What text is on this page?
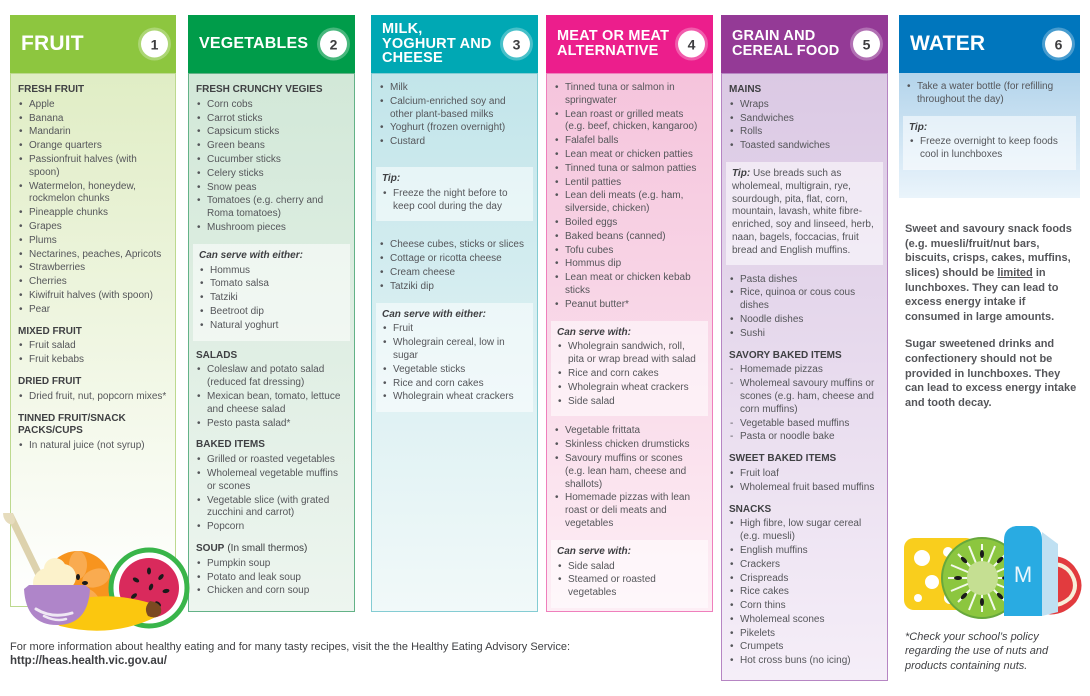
FRUIT	1
FRESH FRUIT
• Apple
• Banana
• Mandarin
• Orange quarters
• Passionfruit halves (with spoon)
• Watermelon, honeydew, rockmelon chunks
• Pineapple chunks
• Grapes
• Plums
• Nectarines, peaches, Apricots
• Strawberries
• Cherries
• Kiwifruit halves (with spoon)
• Pear
MIXED FRUIT
• Fruit salad
• Fruit kebabs
DRIED FRUIT
• Dried fruit, nut, popcorn mixes*
TINNED FRUIT/SNACK PACKS/CUPS
• In natural juice (not syrup)
VEGETABLES	2
FRESH CRUNCHY VEGIES
• Corn cobs
• Carrot sticks
• Capsicum sticks
• Green beans
• Cucumber sticks
• Celery sticks
• Snow peas
• Tomatoes (e.g. cherry and Roma tomatoes)
• Mushroom pieces
Can serve with either:
• Hommus
• Tomato salsa
• Tatziki
• Beetroot dip
• Natural yoghurt
SALADS
• Coleslaw and potato salad (reduced fat dressing)
• Mexican bean, tomato, lettuce and cheese salad
• Pesto pasta salad*
BAKED ITEMS
• Grilled or roasted vegetables
• Wholemeal vegetable muffins or scones
• Vegetable slice (with grated zucchini and carrot)
• Popcorn
SOUP (In small thermos)
• Pumpkin soup
• Potato and leak soup
• Chicken and corn soup
MILK, YOGHURT AND CHEESE
3
• Milk
• Calcium-enriched soy and other plant-based milks
• Yoghurt (frozen overnight)
• Custard
Tip:
• Freeze the night before to keep cool during the day
• Cheese cubes, sticks or slices
• Cottage or ricotta cheese
• Cream cheese
• Tatziki dip
Can serve with either:
• Fruit
• Wholegrain cereal, low in sugar
• Vegetable sticks
• Rice and corn cakes
• Wholegrain wheat crackers
MEAT OR MEAT ALTERNATIVE	4
• Tinned tuna or salmon in springwater
• Lean roast or grilled meats (e.g. beef, chicken, kangaroo)
• Falafel balls
• Lean meat or chicken patties
• Tinned tuna or salmon patties
• Lentil patties
• Lean deli meats (e.g. ham, silverside, chicken)
• Boiled eggs
• Baked beans (canned)
• Tofu cubes
• Hommus dip
• Lean meat or chicken kebab sticks
• Peanut butter*
Can serve with:
• Wholegrain sandwich, roll, pita or wrap bread with salad
• Rice and corn cakes
• Wholegrain wheat crackers
• Side salad
• Vegetable frittata
• Skinless chicken drumsticks
• Savoury muffins or scones (e.g. lean ham, cheese and shallots)
• Homemade pizzas with lean roast or deli meats and vegetables
Can serve with:
• Side salad
• Steamed or roasted vegetables
GRAIN AND CEREAL FOOD	5
MAINS
• Wraps
• Sandwiches
• Rolls
• Toasted sandwiches
Tip: Use breads such as wholemeal, multigrain, rye, sourdough, pita, flat, corn, mountain, lavash, white fibre-enriched, soy and linseed, herb, naan, bagels, foccacias, fruit bread and English muffins.
• Pasta dishes
• Rice, quinoa or cous cous dishes
• Noodle dishes
• Sushi
SAVORY BAKED ITEMS
- Homemade pizzas
- Wholemeal savoury muffins or scones (e.g. ham, cheese and corn muffins)
- Vegetable based muffins
- Pasta or noodle bake
SWEET BAKED ITEMS
• Fruit loaf
• Wholemeal fruit based muffins
SNACKS
• High fibre, low sugar cereal (e.g. muesli)
• English muffins
• Crackers
• Crispreads
• Rice cakes
• Corn thins
• Wholemeal scones
• Pikelets
• Crumpets
• Hot cross buns (no icing)
WATER	6
• Take a water bottle (for refilling throughout the day)
Tip:
• Freeze overnight to keep foods cool in lunchboxes
M

Sweet and savoury snack foods (e.g. muesli/fruit/nut bars, biscuits, crisps, cakes, muffins, slices) should be limited in lunchboxes. They can lead to excess energy intake if consumed in large amounts.

Sugar sweetened drinks and confectionery should not be provided in lunchboxes. They can lead to excess energy intake and tooth decay.

*Check your school’s policy regarding the use of nuts and products containing nuts.

For more information about healthy eating and for many tasty recipes, visit the the Healthy Eating Advisory Service:

http://heas.health.vic.gov.au/
